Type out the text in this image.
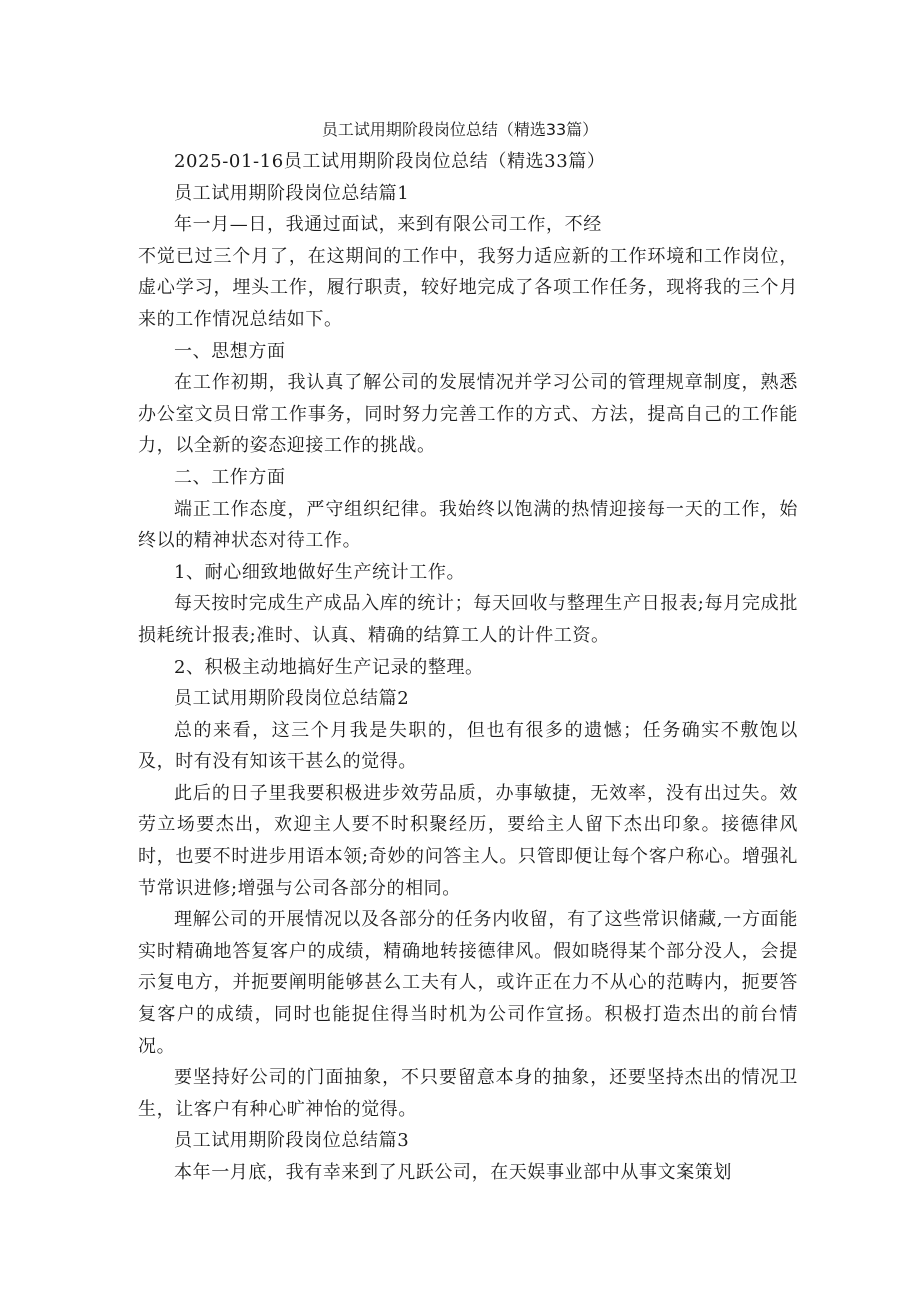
员工试用期阶段岗位总结（精选33篇）

2025-01-16员工试用期阶段岗位总结（精选33篇）

员工试用期阶段岗位总结篇1

年一月—日，我通过面试，来到有限公司工作，不经

不觉已过三个月了，在这期间的工作中，我努力适应新的工作环境和工作岗位，虚心学习，埋头工作，履行职责，较好地完成了各项工作任务，现将我的三个月来的工作情况总结如下。

一、思想方面

在工作初期，我认真了解公司的发展情况并学习公司的管理规章制度，熟悉办公室文员日常工作事务，同时努力完善工作的方式、方法，提高自己的工作能力，以全新的姿态迎接工作的挑战。

二、工作方面

端正工作态度，严守组织纪律。我始终以饱满的热情迎接每一天的工作，始终以的精神状态对待工作。

1、耐心细致地做好生产统计工作。

每天按时完成生产成品入库的统计；每天回收与整理生产日报表;每月完成批损耗统计报表;准时、认真、精确的结算工人的计件工资。

2、积极主动地搞好生产记录的整理。

员工试用期阶段岗位总结篇2

总的来看，这三个月我是失职的，但也有很多的遗憾；任务确实不敷饱以及，时有没有知该干甚么的觉得。

此后的日子里我要积极进步效劳品质，办事敏捷，无效率，没有出过失。效劳立场要杰出，欢迎主人要不时积聚经历，要给主人留下杰出印象。接德律风时，也要不时进步用语本领;奇妙的问答主人。只管即便让每个客户称心。增强礼节常识进修;增强与公司各部分的相同。

理解公司的开展情况以及各部分的任务内收留，有了这些常识储藏,一方面能实时精确地答复客户的成绩，精确地转接德律风。假如晓得某个部分没人，会提示复电方，并扼要阐明能够甚么工夫有人，或许正在力不从心的范畴内，扼要答复客户的成绩，同时也能捉住得当时机为公司作宣扬。积极打造杰出的前台情况。

要坚持好公司的门面抽象，不只要留意本身的抽象，还要坚持杰出的情况卫生，让客户有种心旷神怡的觉得。

员工试用期阶段岗位总结篇3

本年一月底，我有幸来到了凡跃公司，在天娱事业部中从事文案策划
